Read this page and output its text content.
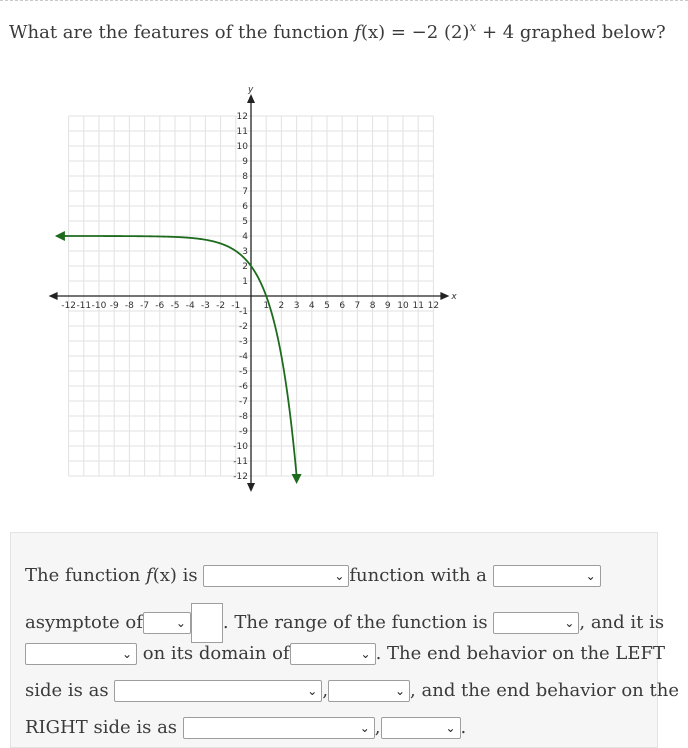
What are the features of the function f(x) = −2 $(2)^x + 4$ graphed below?
x
y
-12 -11 -10 -9 -8 -7 -6 -5 -4 -3 -2 -1	1 2 3 4 5 6 7 8 9 10 11 12
12
11
10
9
8
7
6
5
4
3
2
1
-1
-2
-3
-4
-5
-6
-7
-8
-9
-10
-11
-12
The function f(x) is	⌄ function with a	⌄
asymptote of	⌄ . The range of the function is	⌄ , and it is
⌄ on its domain of	⌄ . The end behavior on the LEFT
side is as	⌄ ,	⌄ , and the end behavior on the
RIGHT side is as	⌄ ,	⌄ .
